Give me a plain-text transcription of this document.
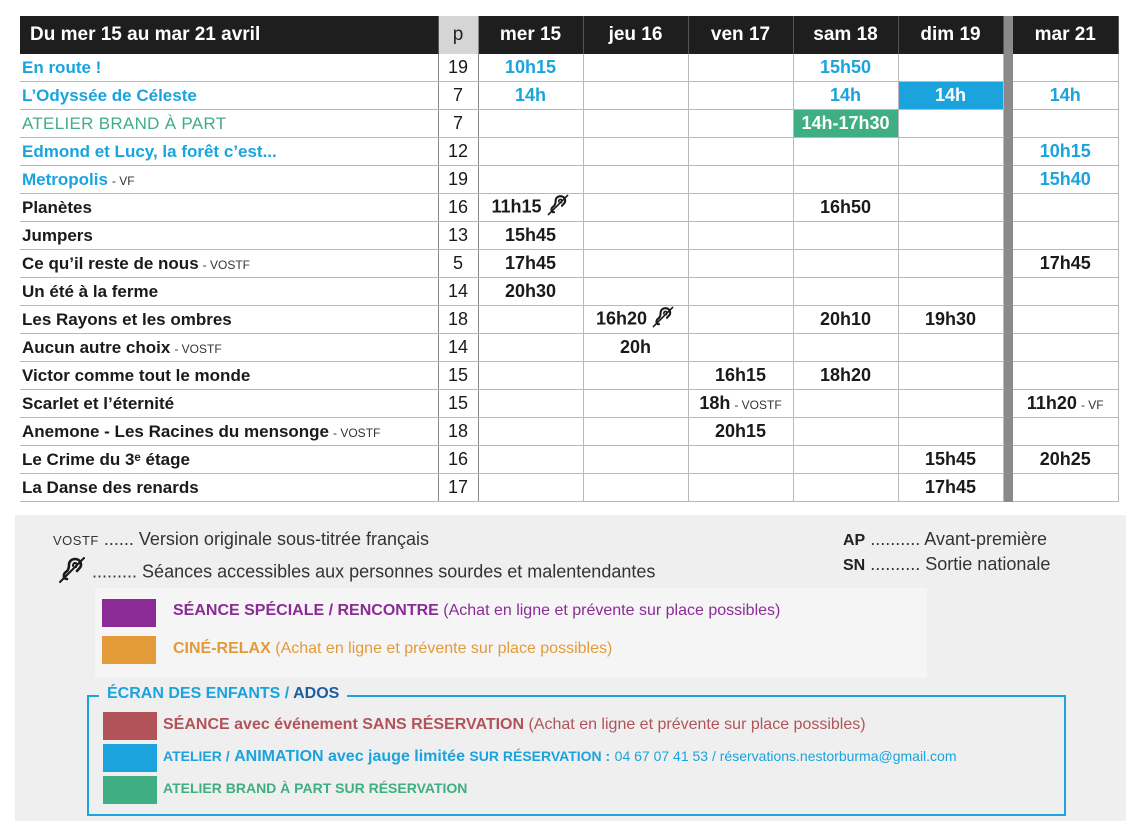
Du mer 15 au mar 21 avril	p	mer 15	jeu 16	ven 17	sam 18	dim 19		mar 21
En route !	19	10h15			15h50			
L’Odyssée de Céleste	7	14h			14h	14h		14h
ATELIER BRAND À PART	7				14h-17h30			
Edmond et Lucy, la forêt c’est...	12							10h15
Metropolis - VF	19							15h40
Planètes	16	11h15			16h50			
Jumpers	13	15h45						
Ce qu’il reste de nous - VOSTF	5	17h45						17h45
Un été à la ferme	14	20h30						
Les Rayons et les ombres	18		16h20		20h10	19h30		
Aucun autre choix - VOSTF	14		20h					
Victor comme tout le monde	15			16h15	18h20			
Scarlet et l’éternité	15			18h - VOSTF				11h20 - VF
Anemone - Les Racines du mensonge - VOSTF	18			20h15				
Le Crime du 3ᵉ étage	16					15h45		20h25
La Danse des renards	17					17h45		
VOSTF ...... Version originale sous-titrée français
......... Séances accessibles aux personnes sourdes et malentendantes
AP .......... Avant-première
SN .......... Sortie nationale
SÉANCE SPÉCIALE / RENCONTRE (Achat en ligne et prévente sur place possibles)
CINÉ-RELAX (Achat en ligne et prévente sur place possibles)
ÉCRAN DES ENFANTS / ADOS
SÉANCE avec événement SANS RÉSERVATION (Achat en ligne et prévente sur place possibles)
ATELIER / ANIMATION avec jauge limitée SUR RÉSERVATION : 04 67 07 41 53 / réservations.nestorburma@gmail.com
ATELIER BRAND À PART SUR RÉSERVATION
